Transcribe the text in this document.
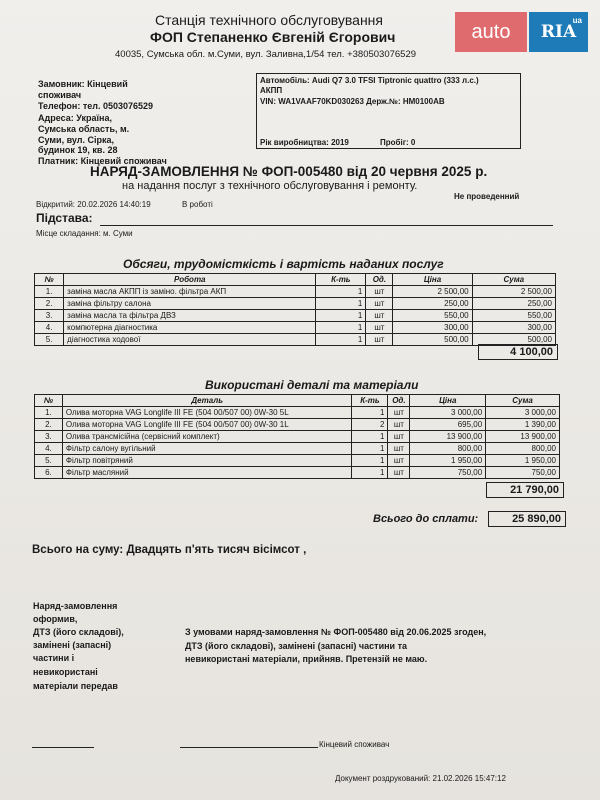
auto	RIA
ua
Станція технічного обслуговування
ФОП Степаненко Євгеній Єгорович
40035, Сумська обл. м.Суми, вул. Заливна,1/54 тел. +380503076529
Замовник: Кінцевий
споживач
Телефон: тел. 0503076529
Адреса: Україна,
Сумська область, м.
Суми, вул. Сірка,
будинок 19, кв. 28
Платник: Кінцевий споживач
Автомобіль: Audi Q7 3.0 TFSI Tiptronic quattro (333 л.с.)
АКПП
VIN: WA1VAAF70KD030263 Держ.№: НМ0100АВ
Рік виробництва: 2019	Пробіг: 0
НАРЯД-ЗАМОВЛЕННЯ № ФОП-005480 від 20 червня 2025 р.
на надання послуг з технічного обслуговування і ремонту.
Не проведенний
Відкритий: 20.02.2026 14:40:19	В роботі
Підстава:
Місце складання: м. Суми
Обсяги, трудомісткість і вартість наданих послуг
№	Робота	К-ть	Од.	Ціна	Сума
1.	заміна масла АКПП із заміно. фільтра АКП	1	шт	2 500,00	2 500,00
2.	заміна фільтру салона	1	шт	250,00	250,00
3.	заміна масла та фільтра ДВЗ	1	шт	550,00	550,00
4.	компютерна діагностика	1	шт	300,00	300,00
5.	діагностика ходової	1	шт	500,00	500,00
4 100,00
Використані деталі та матеріали
№	Деталь	К-ть	Од.	Ціна	Сума
1.	Олива моторна VAG Longlife III FE (504 00/507 00) 0W-30 5L	1	шт	3 000,00	3 000,00
2.	Олива моторна VAG Longlife III FE (504 00/507 00) 0W-30 1L	2	шт	695,00	1 390,00
3.	Олива трансмісійна (сервісний комплект)	1	шт	13 900,00	13 900,00
4.	Фільтр салону вугільний	1	шт	800,00	800,00
5.	Фільтр повітряний	1	шт	1 950,00	1 950,00
6.	Фільтр масляний	1	шт	750,00	750,00
21 790,00
Всього до сплати:	25 890,00
Всього на суму: Двадцять п'ять тисяч вісімсот ,
Наряд-замовлення
оформив,
ДТЗ (його складові),
замінені (запасні)
частини і
невикористані
матеріали передав
З умовами наряд-замовлення № ФОП-005480 від 20.06.2025 згоден,
ДТЗ (його складові), замінені (запасні) частини та
невикористані матеріали, прийняв. Претензій не маю.
Кінцевий споживач
Документ роздрукований: 21.02.2026 15:47:12
